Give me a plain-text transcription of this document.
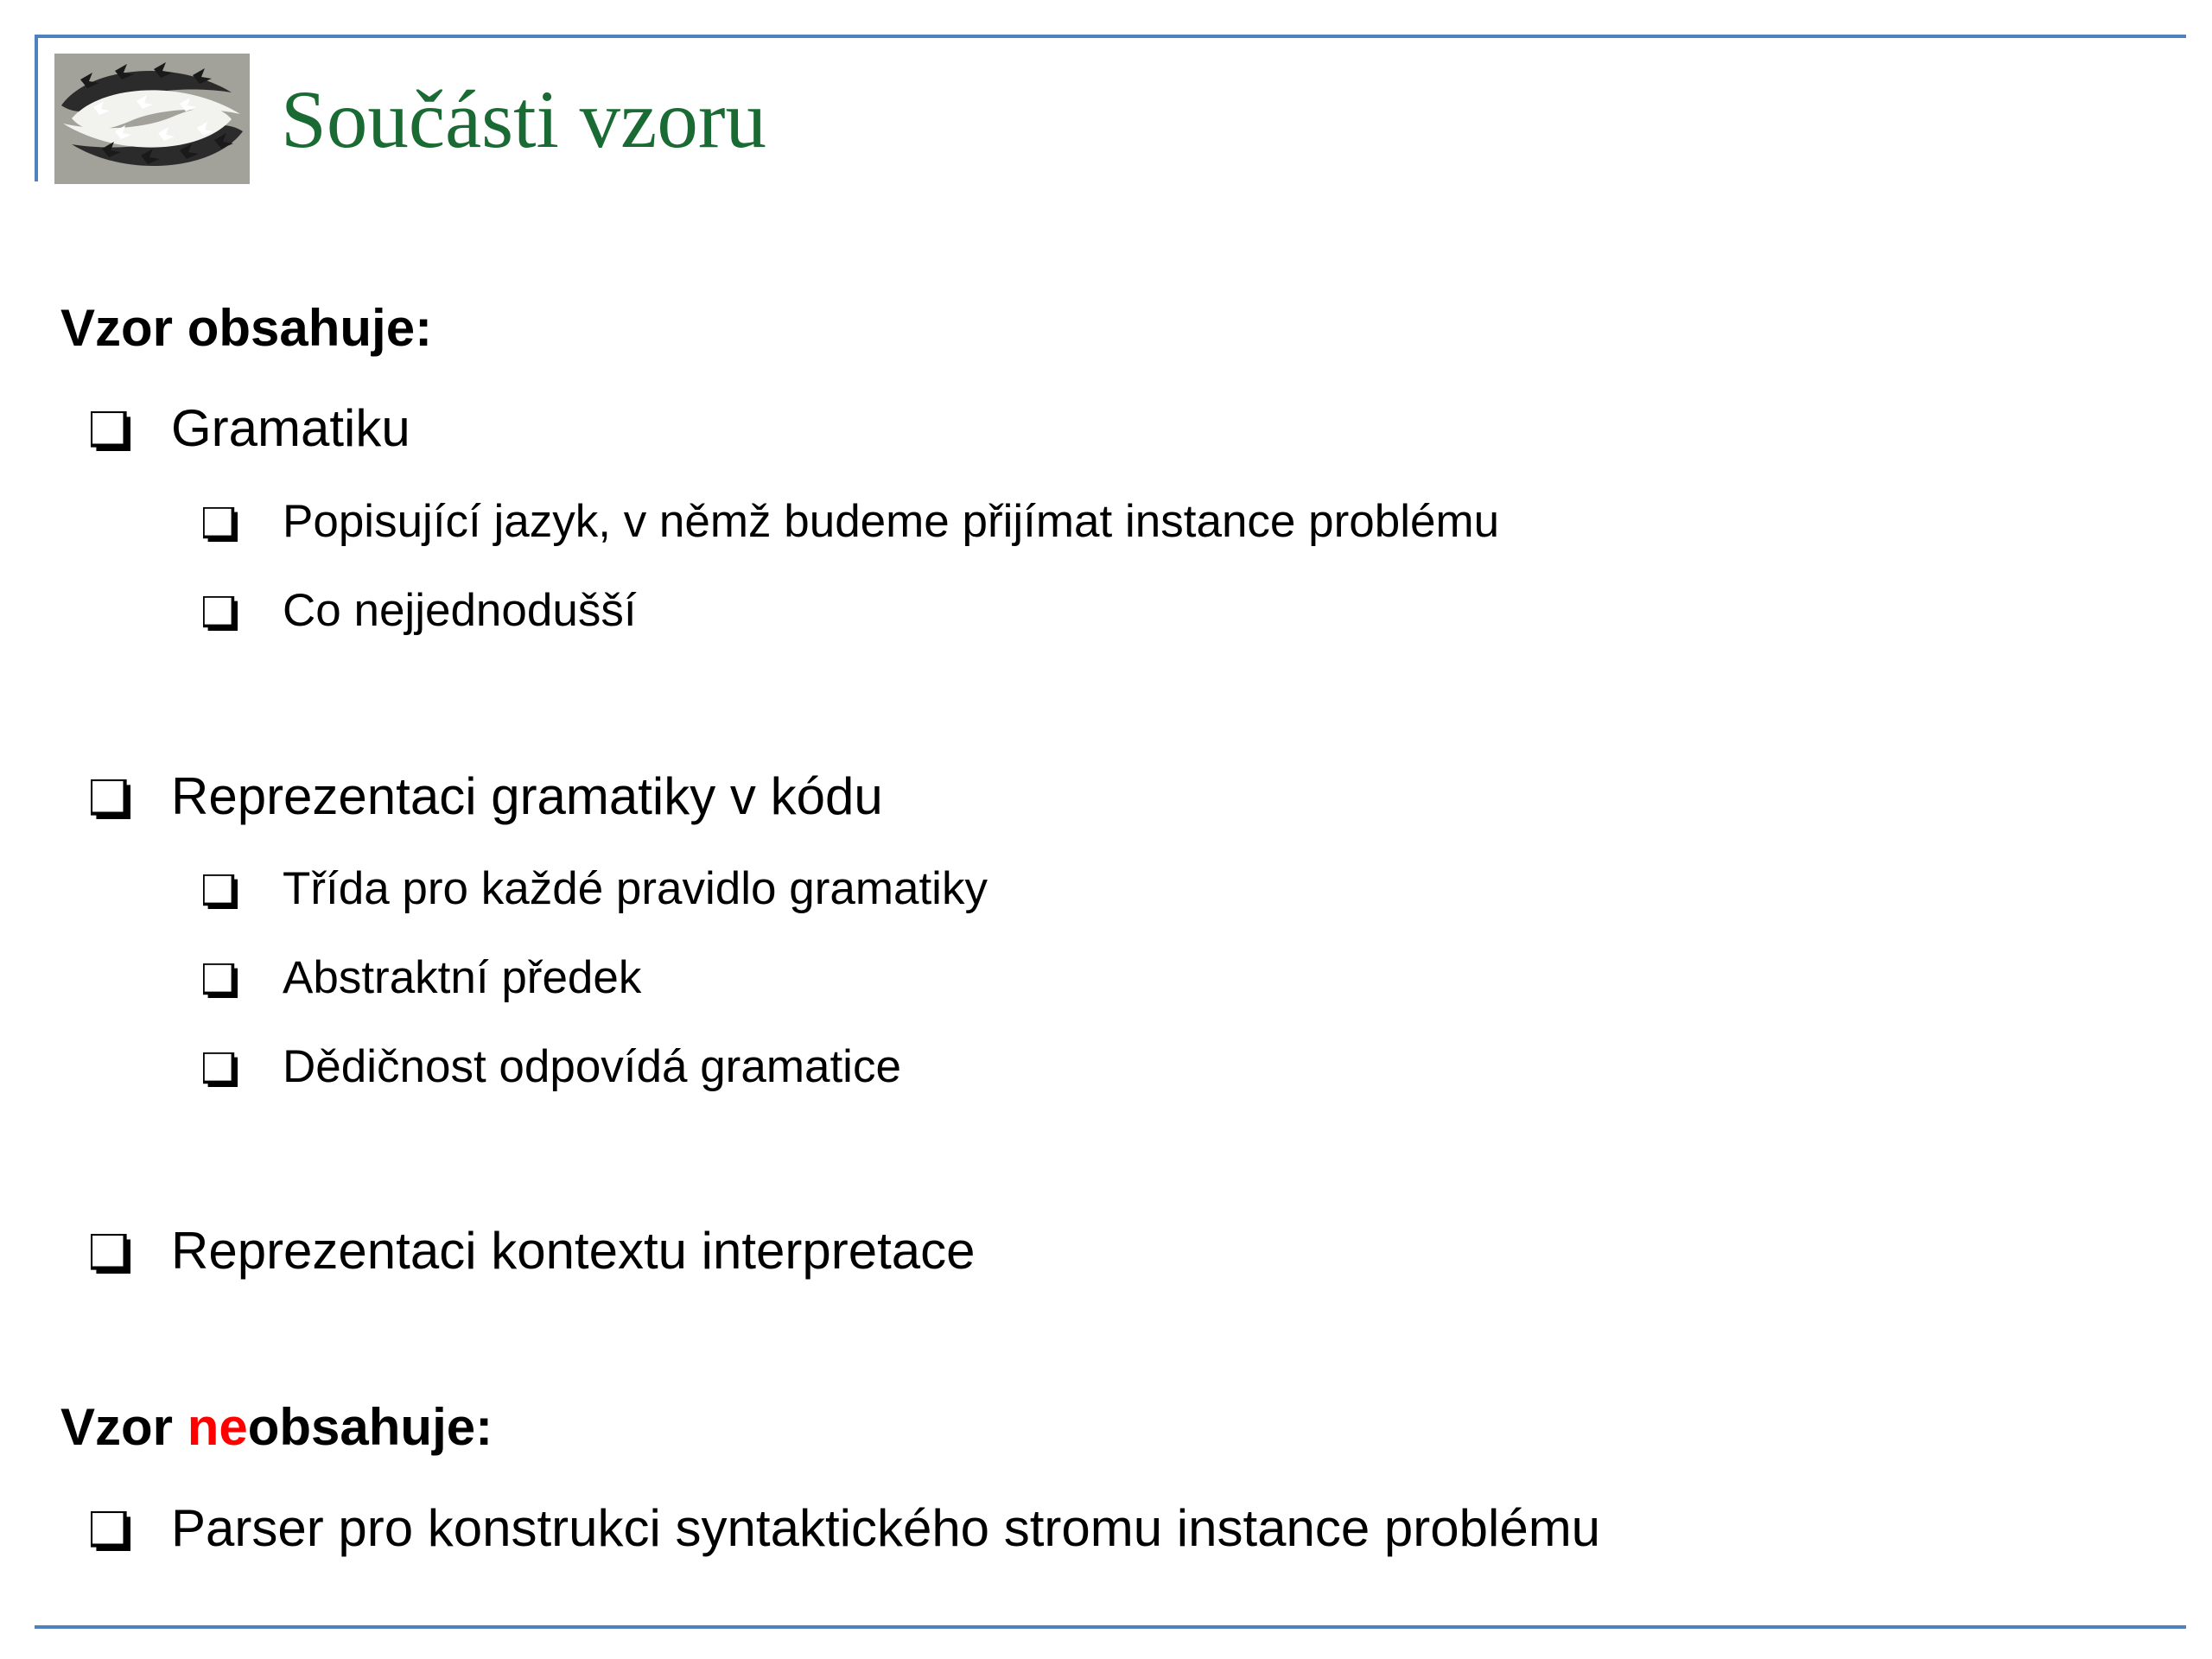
Součásti vzoru
Vzor obsahuje:
Gramatiku
Popisující jazyk, v němž budeme přijímat instance problému
Co nejjednodušší
Reprezentaci gramatiky v kódu
Třída pro každé pravidlo gramatiky
Abstraktní předek
Dědičnost odpovídá gramatice
Reprezentaci kontextu interpretace
Vzor neobsahuje:
Parser pro konstrukci syntaktického stromu instance problému
